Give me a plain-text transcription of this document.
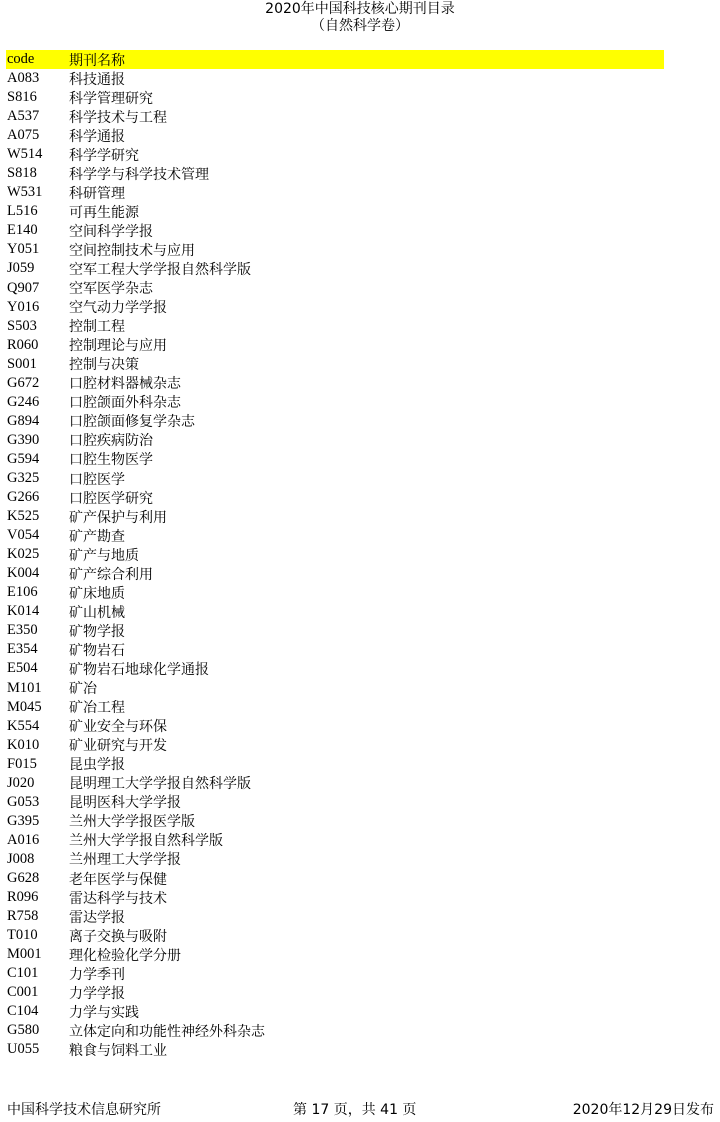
2020年中国科技核心期刊目录
（自然科学卷）
code	期刊名称
A083	科技通报
S816	科学管理研究
A537	科学技术与工程
A075	科学通报
W514	科学学研究
S818	科学学与科学技术管理
W531	科研管理
L516	可再生能源
E140	空间科学学报
Y051	空间控制技术与应用
J059	空军工程大学学报自然科学版
Q907	空军医学杂志
Y016	空气动力学学报
S503	控制工程
R060	控制理论与应用
S001	控制与决策
G672	口腔材料器械杂志
G246	口腔颌面外科杂志
G894	口腔颌面修复学杂志
G390	口腔疾病防治
G594	口腔生物医学
G325	口腔医学
G266	口腔医学研究
K525	矿产保护与利用
V054	矿产勘查
K025	矿产与地质
K004	矿产综合利用
E106	矿床地质
K014	矿山机械
E350	矿物学报
E354	矿物岩石
E504	矿物岩石地球化学通报
M101	矿冶
M045	矿冶工程
K554	矿业安全与环保
K010	矿业研究与开发
F015	昆虫学报
J020	昆明理工大学学报自然科学版
G053	昆明医科大学学报
G395	兰州大学学报医学版
A016	兰州大学学报自然科学版
J008	兰州理工大学学报
G628	老年医学与保健
R096	雷达科学与技术
R758	雷达学报
T010	离子交换与吸附
M001	理化检验化学分册
C101	力学季刊
C001	力学学报
C104	力学与实践
G580	立体定向和功能性神经外科杂志
U055	粮食与饲料工业
中国科学技术信息研究所	第 17 页，共 41 页	2020年12月29日发布
